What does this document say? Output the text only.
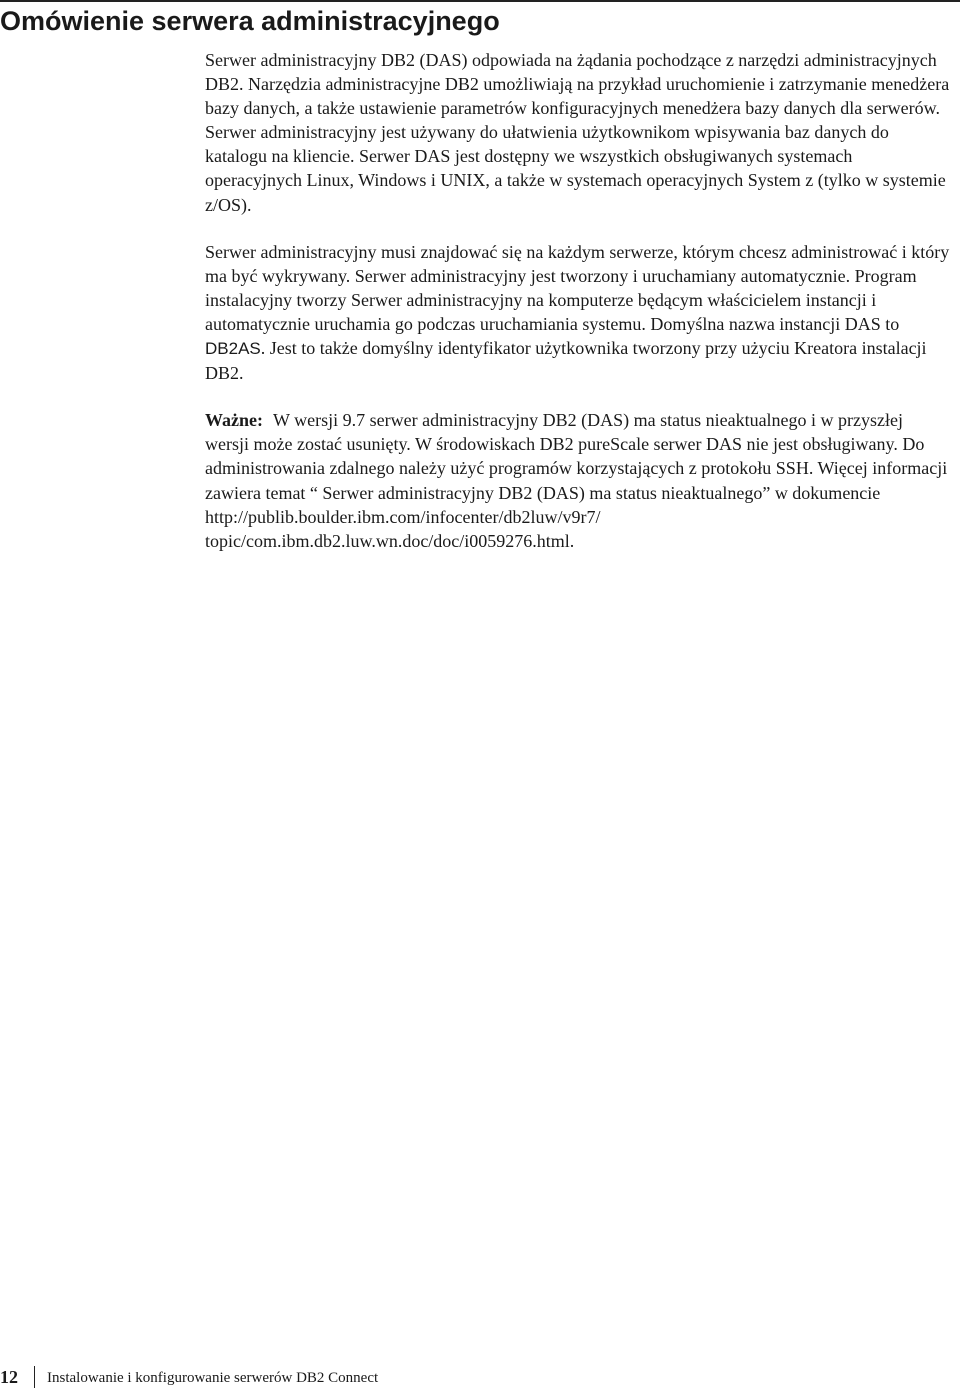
Omówienie serwera administracyjnego

Serwer administracyjny DB2 (DAS) odpowiada na żądania pochodzące z narzędzi administracyjnych DB2. Narzędzia administracyjne DB2 umożliwiają na przykład uruchomienie i zatrzymanie menedżera bazy danych, a także ustawienie parametrów konfiguracyjnych menedżera bazy danych dla serwerów. Serwer administracyjny jest używany do ułatwienia użytkownikom wpisywania baz danych do katalogu na kliencie. Serwer DAS jest dostępny we wszystkich obsługiwanych systemach operacyjnych Linux, Windows i UNIX, a także w systemach operacyjnych System z (tylko w systemie z/OS).

Serwer administracyjny musi znajdować się na każdym serwerze, którym chcesz administrować i który ma być wykrywany. Serwer administracyjny jest tworzony i uruchamiany automatycznie. Program instalacyjny tworzy Serwer administracyjny na komputerze będącym właścicielem instancji i automatycznie uruchamia go podczas uruchamiania systemu. Domyślna nazwa instancji DAS to DB2AS. Jest to także domyślny identyfikator użytkownika tworzony przy użyciu Kreatora instalacji DB2.

Ważne: W wersji 9.7 serwer administracyjny DB2 (DAS) ma status nieaktualnego i w przyszłej wersji może zostać usunięty. W środowiskach DB2 pureScale serwer DAS nie jest obsługiwany. Do administrowania zdalnego należy użyć programów korzystających z protokołu SSH. Więcej informacji zawiera temat “ Serwer administracyjny DB2 (DAS) ma status nieaktualnego” w dokumencie http://publib.boulder.ibm.com/infocenter/db2luw/v9r7/ topic/com.ibm.db2.luw.wn.doc/doc/i0059276.html.

12 Instalowanie i konfigurowanie serwerów DB2 Connect
